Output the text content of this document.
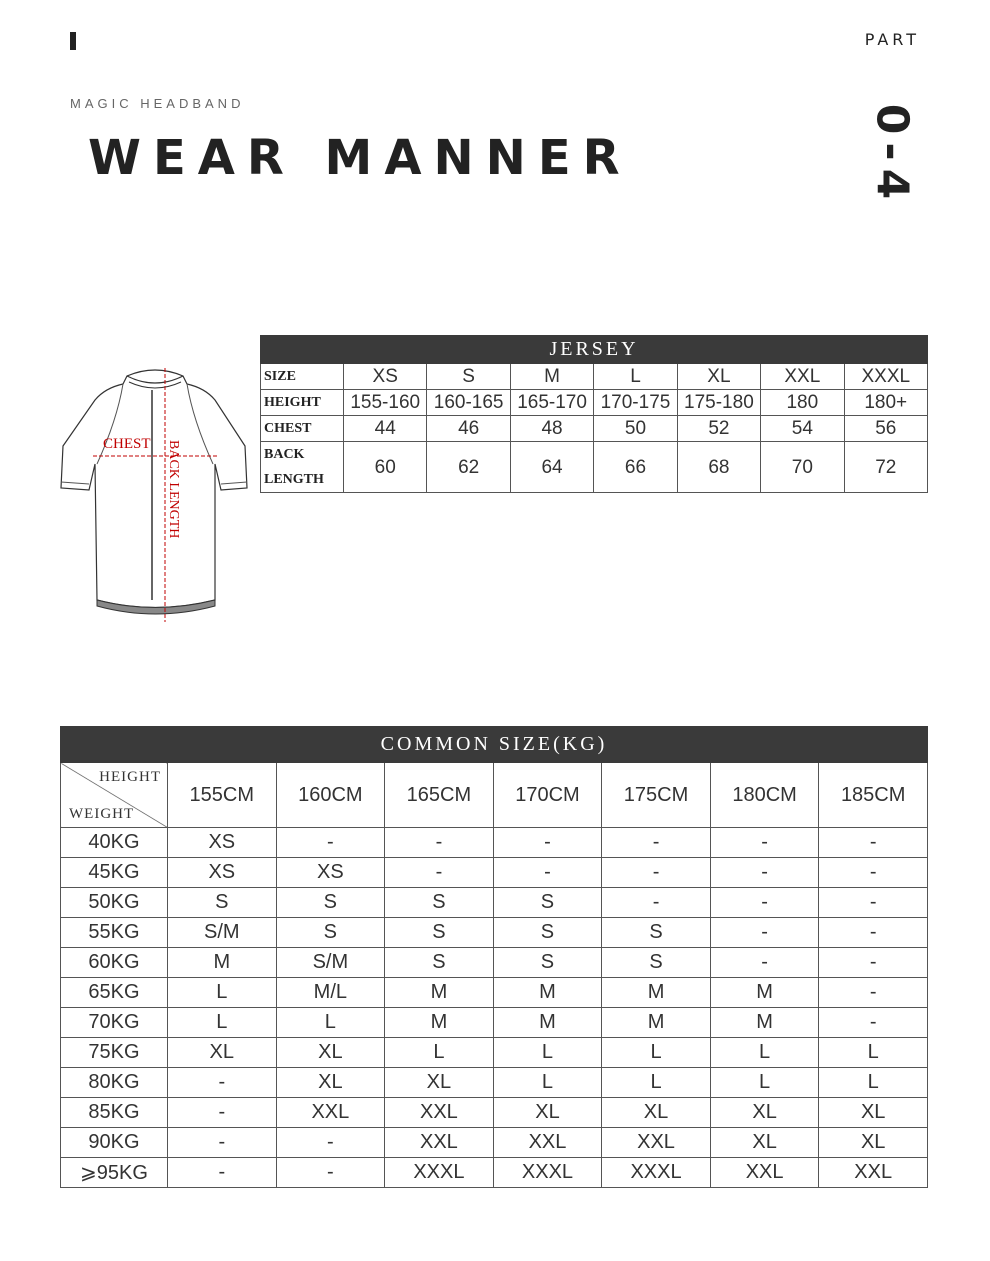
PART
0-4
MAGIC HEADBAND
WEAR MANNER
CHEST BACK LENGTH
JERSEY							
SIZE	XS	S	M	L	XL	XXL	XXXL
HEIGHT	155-160	160-165	165-170	170-175	175-180	180	180+
CHEST	44	46	48	50	52	54	56
BACK LENGTH	60	62	64	66	68	70	72
COMMON SIZE(KG)							

HEIGHT
WEIGHT	155CM	160CM	165CM	170CM	175CM	180CM	185CM
40KG	XS	-	-	-	-	-	-
45KG	XS	XS	-	-	-	-	-
50KG	S	S	S	S	-	-	-
55KG	S/M	S	S	S	S	-	-
60KG	M	S/M	S	S	S	-	-
65KG	L	M/L	M	M	M	M	-
70KG	L	L	M	M	M	M	-
75KG	XL	XL	L	L	L	L	L
80KG	-	XL	XL	L	L	L	L
85KG	-	XXL	XXL	XL	XL	XL	XL
90KG	-	-	XXL	XXL	XXL	XL	XL
⩾95KG	-	-	XXXL	XXXL	XXXL	XXL	XXL
